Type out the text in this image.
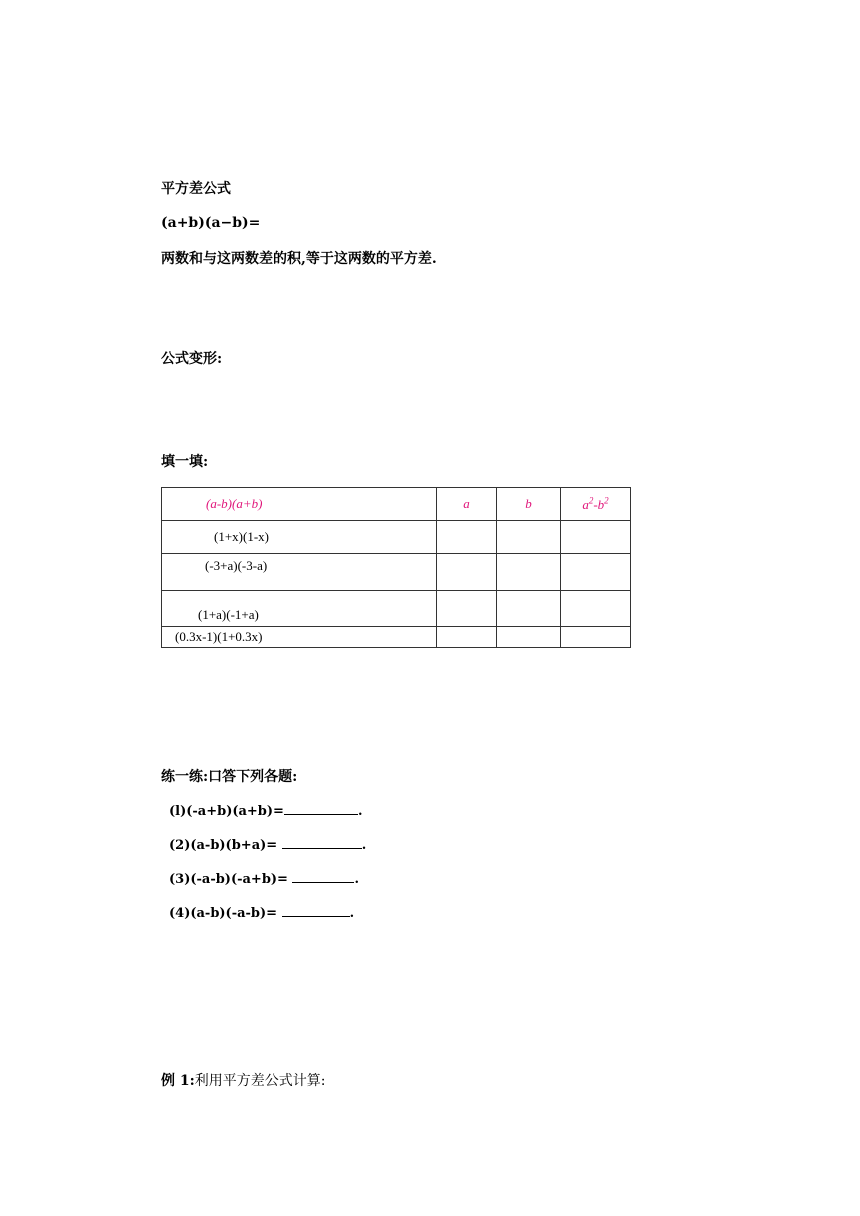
平方差公式
(a+b)(a−b)=
两数和与这两数差的积,等于这两数的平方差.
公式变形:
填一填:
(a-b)(a+b)	a	b	$a^2-b^2$
(1+x)(1-x)			
(-3+a)(-3-a)			
(1+a)(-1+a)			
(0.3x-1)(1+0.3x)			
练一练:口答下列各题:
(l)(-a+b)(a+b)=	.
(2)(a-b)(b+a)=	.
(3)(-a-b)(-a+b)=	.
(4)(a-b)(-a-b)=	.
例 1:利用平方差公式计算:
